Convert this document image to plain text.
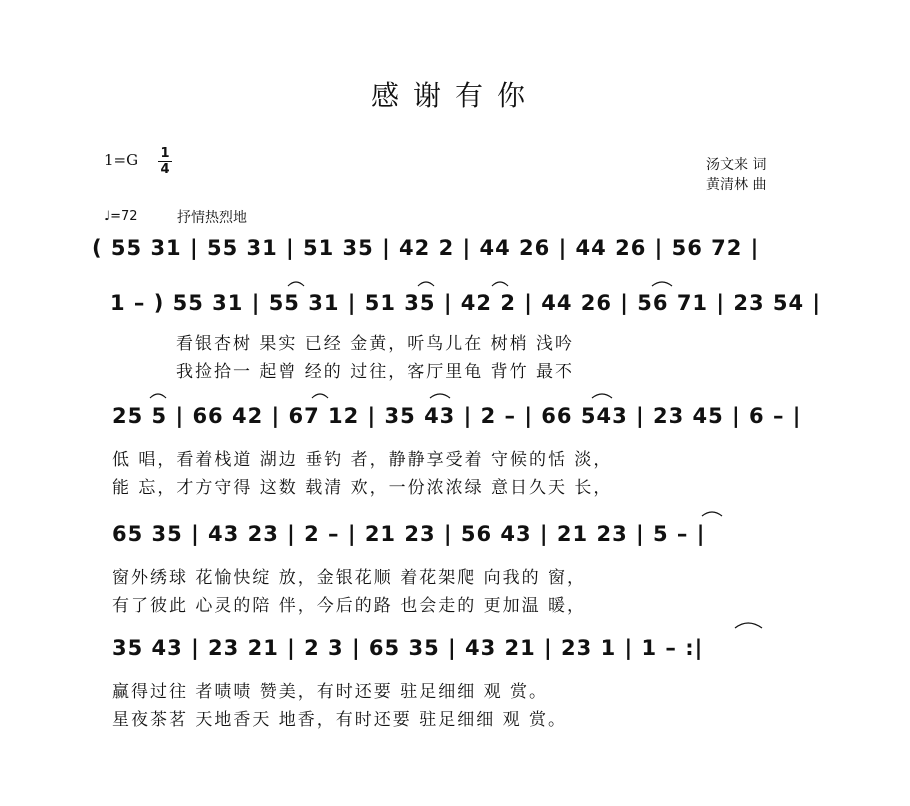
感谢有你
$1=G \frac{1}{4}$	汤文来 词
黄清林 曲
♩=72	抒情热烈地
( 55 31 | 55 31 | 51 35 | 42 2 | 44 26 | 44 26 | 56 72 |
1 – ) 55 31 | 55 31 | 51 35 | 42 2 | 44 26 | 56 71 | 23 54 |
看银杏树 果实 已经 金黄，听鸟儿在 树梢 浅吟
我捡拾一 起曾 经的 过往，客厅里龟 背竹 最不
25 5 | 66 42 | 67 12 | 35 43 | 2 – | 66 543 | 23 45 | 6 – |
低 唱，看着栈道 湖边 垂钓 者，静静享受着 守候的恬 淡，
能 忘，才方守得 这数 载清 欢，一份浓浓绿 意日久天 长，
65 35 | 43 23 | 2 – | 21 23 | 56 43 | 21 23 | 5 – |
窗外绣球 花愉快绽 放，金银花顺 着花架爬 向我的 窗，
有了彼此 心灵的陪 伴，今后的路 也会走的 更加温 暖，
35 43 | 23 21 | 2 3 | 65 35 | 43 21 | 23 1 | 1 – :|
赢得过往 者啧啧 赞美，有时还要 驻足细细 观 赏。
星夜茶茗 天地香天 地香，有时还要 驻足细细 观 赏。
